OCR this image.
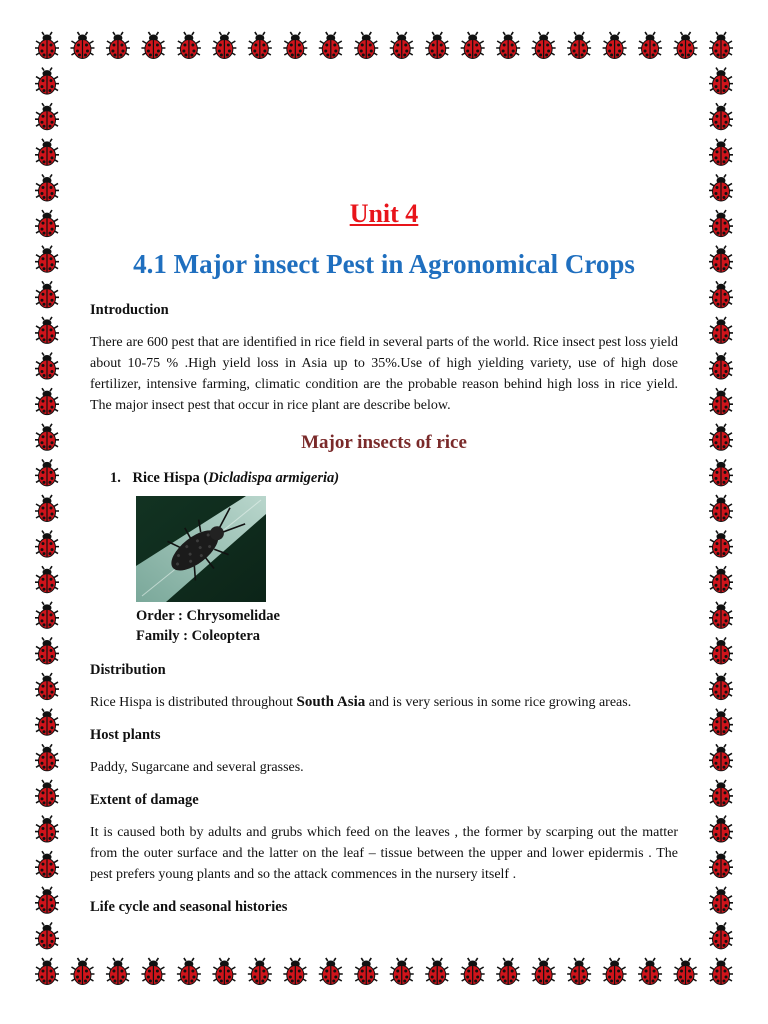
Unit 4
4.1 Major insect Pest in Agronomical Crops

Introduction

There are 600 pest that are identified in rice field in several parts of the world. Rice insect pest loss yield about 10-75 % .High yield loss in Asia up to 35%.Use of high yielding variety, use of high dose fertilizer, intensive farming, climatic condition are the probable reason behind high loss in rice yield. The major insect pest that occur in rice plant are describe below.

Major insects of rice

1. Rice Hispa (Dicladispa armigeria)

Order : Chrysomelidae

Family : Coleoptera

Distribution

Rice Hispa is distributed throughout South Asia and is very serious in some rice growing areas.

Host plants

Paddy, Sugarcane and several grasses.

Extent of damage

It is caused both by adults and grubs which feed on the leaves , the former by scarping out the matter from the outer surface and the latter on the leaf – tissue between the upper and lower epidermis . The pest prefers young plants and so the attack commences in the nursery itself .

Life cycle and seasonal histories
